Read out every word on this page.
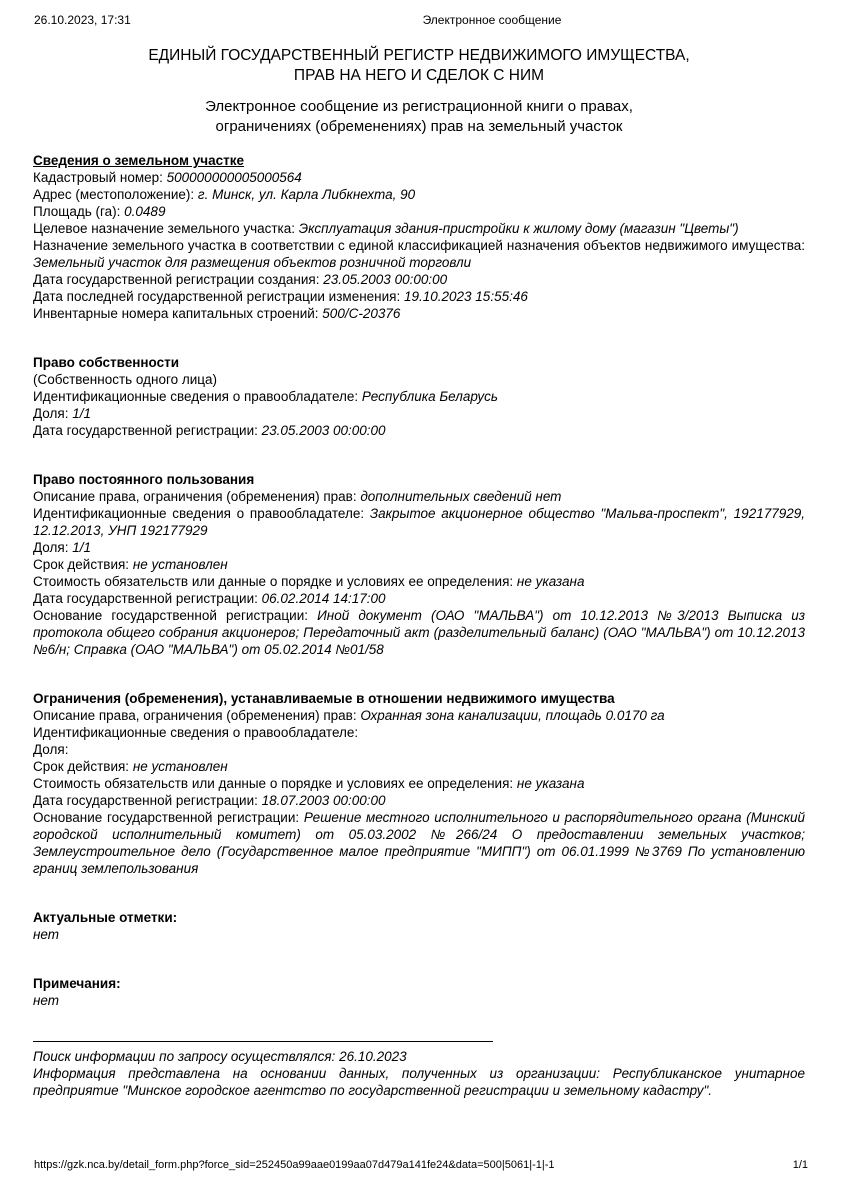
26.10.2023, 17:31	Электронное сообщение
ЕДИНЫЙ ГОСУДАРСТВЕННЫЙ РЕГИСТР НЕДВИЖИМОГО ИМУЩЕСТВА,
ПРАВ НА НЕГО И СДЕЛОК С НИМ
Электронное сообщение из регистрационной книги о правах,
ограничениях (обременениях) прав на земельный участок

Сведения о земельном участке

Кадастровый номер: 500000000005000564

Адрес (местоположение): г. Минск, ул. Карла Либкнехта, 90

Площадь (га): 0.0489

Целевое назначение земельного участка: Эксплуатация здания-пристройки к жилому дому (магазин "Цветы")

Назначение земельного участка в соответствии с единой классификацией назначения объектов недвижимого имущества: Земельный участок для размещения объектов розничной торговли

Дата государственной регистрации создания: 23.05.2003 00:00:00

Дата последней государственной регистрации изменения: 19.10.2023 15:55:46

Инвентарные номера капитальных строений: 500/С-20376

Право собственности

(Собственность одного лица)

Идентификационные сведения о правообладателе: Республика Беларусь

Доля: 1/1

Дата государственной регистрации: 23.05.2003 00:00:00

Право постоянного пользования

Описание права, ограничения (обременения) прав: дополнительных сведений нет

Идентификационные сведения о правообладателе: Закрытое акционерное общество "Мальва-проспект", 192177929, 12.12.2013, УНП 192177929

Доля: 1/1

Срок действия: не установлен

Стоимость обязательств или данные о порядке и условиях ее определения: не указана

Дата государственной регистрации: 06.02.2014 14:17:00

Основание государственной регистрации: Иной документ (ОАО "МАЛЬВА") от 10.12.2013 №3/2013 Выписка из протокола общего собрания акционеров; Передаточный акт (разделительный баланс) (ОАО "МАЛЬВА") от 10.12.2013 №6/н; Справка (ОАО "МАЛЬВА") от 05.02.2014 №01/58

Ограничения (обременения), устанавливаемые в отношении недвижимого имущества

Описание права, ограничения (обременения) прав: Охранная зона канализации, площадь 0.0170 га

Идентификационные сведения о правообладателе:

Доля:

Срок действия: не установлен

Стоимость обязательств или данные о порядке и условиях ее определения: не указана

Дата государственной регистрации: 18.07.2003 00:00:00

Основание государственной регистрации: Решение местного исполнительного и распорядительного органа (Минский городской исполнительный комитет) от 05.03.2002 №266/24 О предоставлении земельных участков; Землеустроительное дело (Государственное малое предприятие "МИПП") от 06.01.1999 №3769 По установлению границ землепользования

Актуальные отметки:

нет

Примечания:

нет

Поиск информации по запросу осуществлялся: 26.10.2023

Информация представлена на основании данных, полученных из организации: Республиканское унитарное предприятие "Минское городское агентство по государственной регистрации и земельному кадастру".

https://gzk.nca.by/detail_form.php?force_sid=252450a99aae0199aa07d479a141fe24&data=500|5061|-1|-1	1/1
